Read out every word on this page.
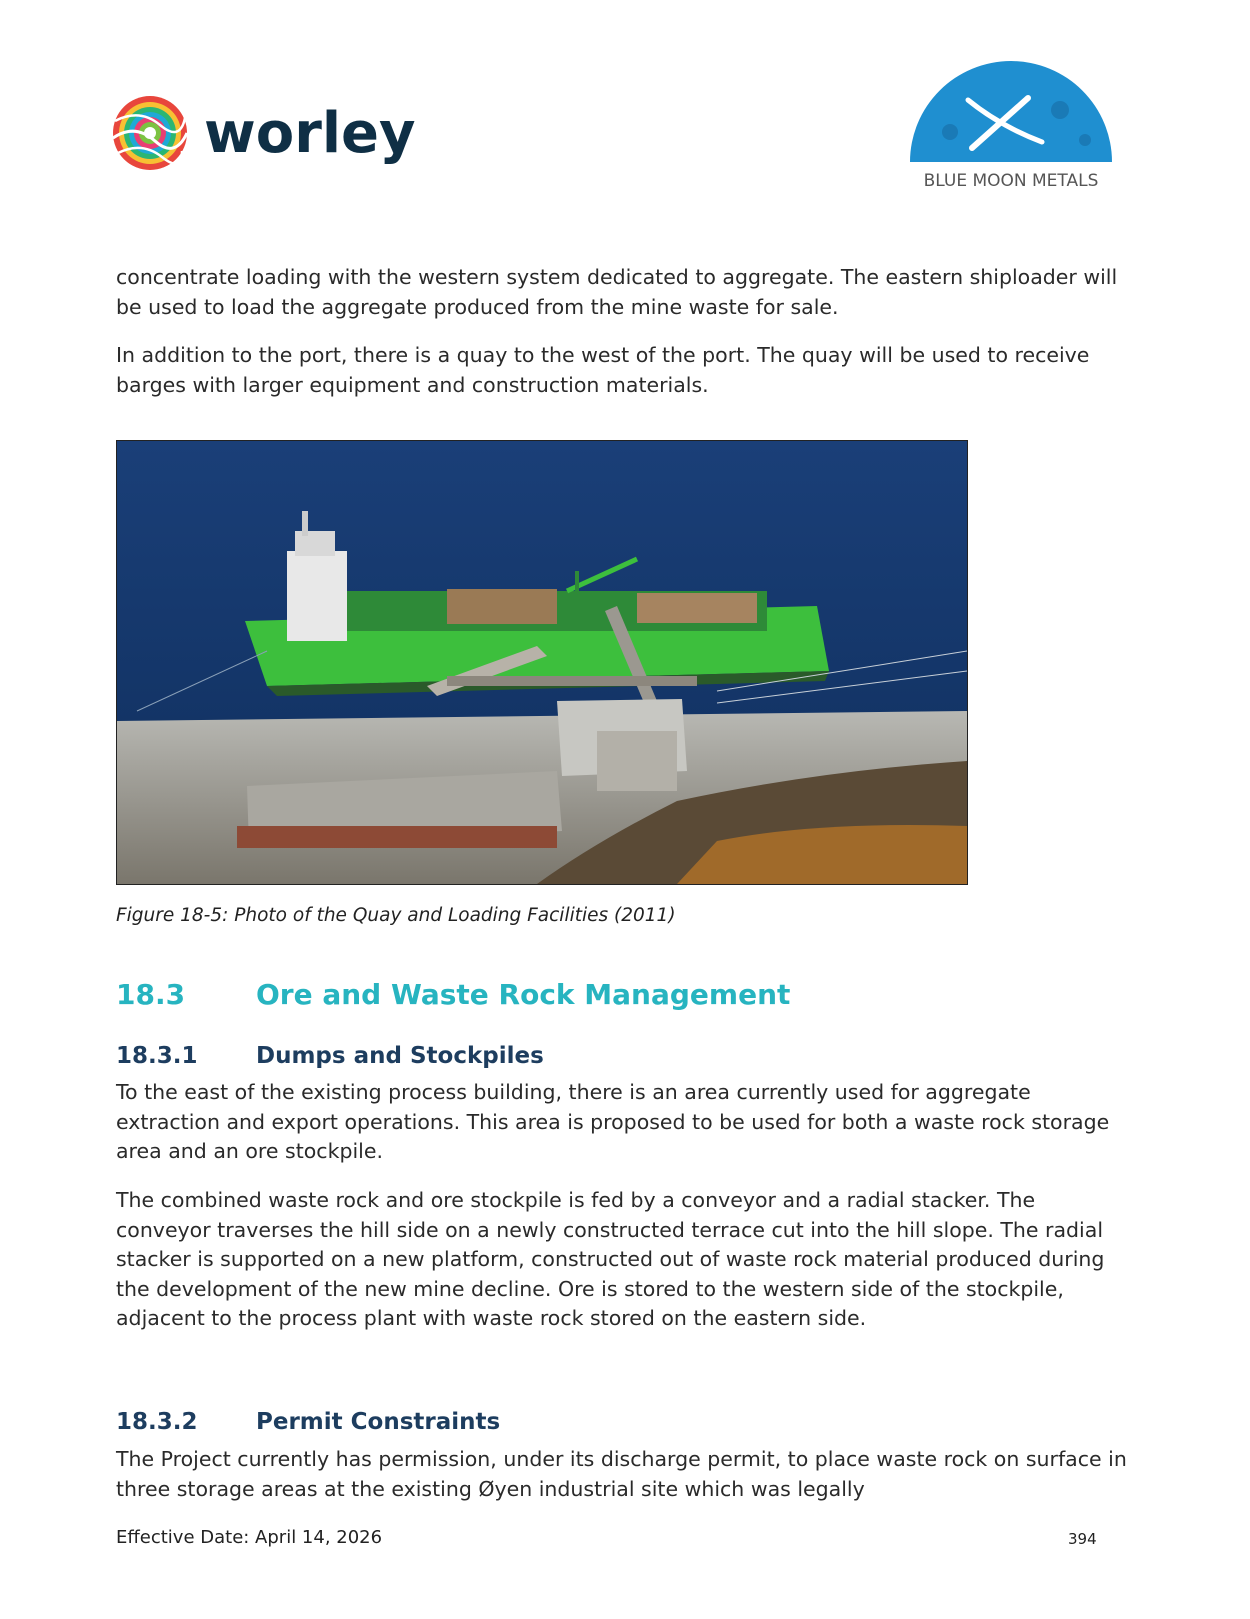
worley
BLUE MOON METALS

concentrate loading with the western system dedicated to aggregate. The eastern shiploader will be used to load the aggregate produced from the mine waste for sale.

In addition to the port, there is a quay to the west of the port. The quay will be used to receive barges with larger equipment and construction materials.

Figure 18-5: Photo of the Quay and Loading Facilities (2011)
18.3	Ore and Waste Rock Management
18.3.1	Dumps and Stockpiles

To the east of the existing process building, there is an area currently used for aggregate extraction and export operations. This area is proposed to be used for both a waste rock storage area and an ore stockpile.

The combined waste rock and ore stockpile is fed by a conveyor and a radial stacker. The conveyor traverses the hill side on a newly constructed terrace cut into the hill slope. The radial stacker is supported on a new platform, constructed out of waste rock material produced during the development of the new mine decline. Ore is stored to the western side of the stockpile, adjacent to the process plant with waste rock stored on the eastern side.

18.3.2	Permit Constraints

The Project currently has permission, under its discharge permit, to place waste rock on surface in three storage areas at the existing Øyen industrial site which was legally

Effective Date: April 14, 2026	394
